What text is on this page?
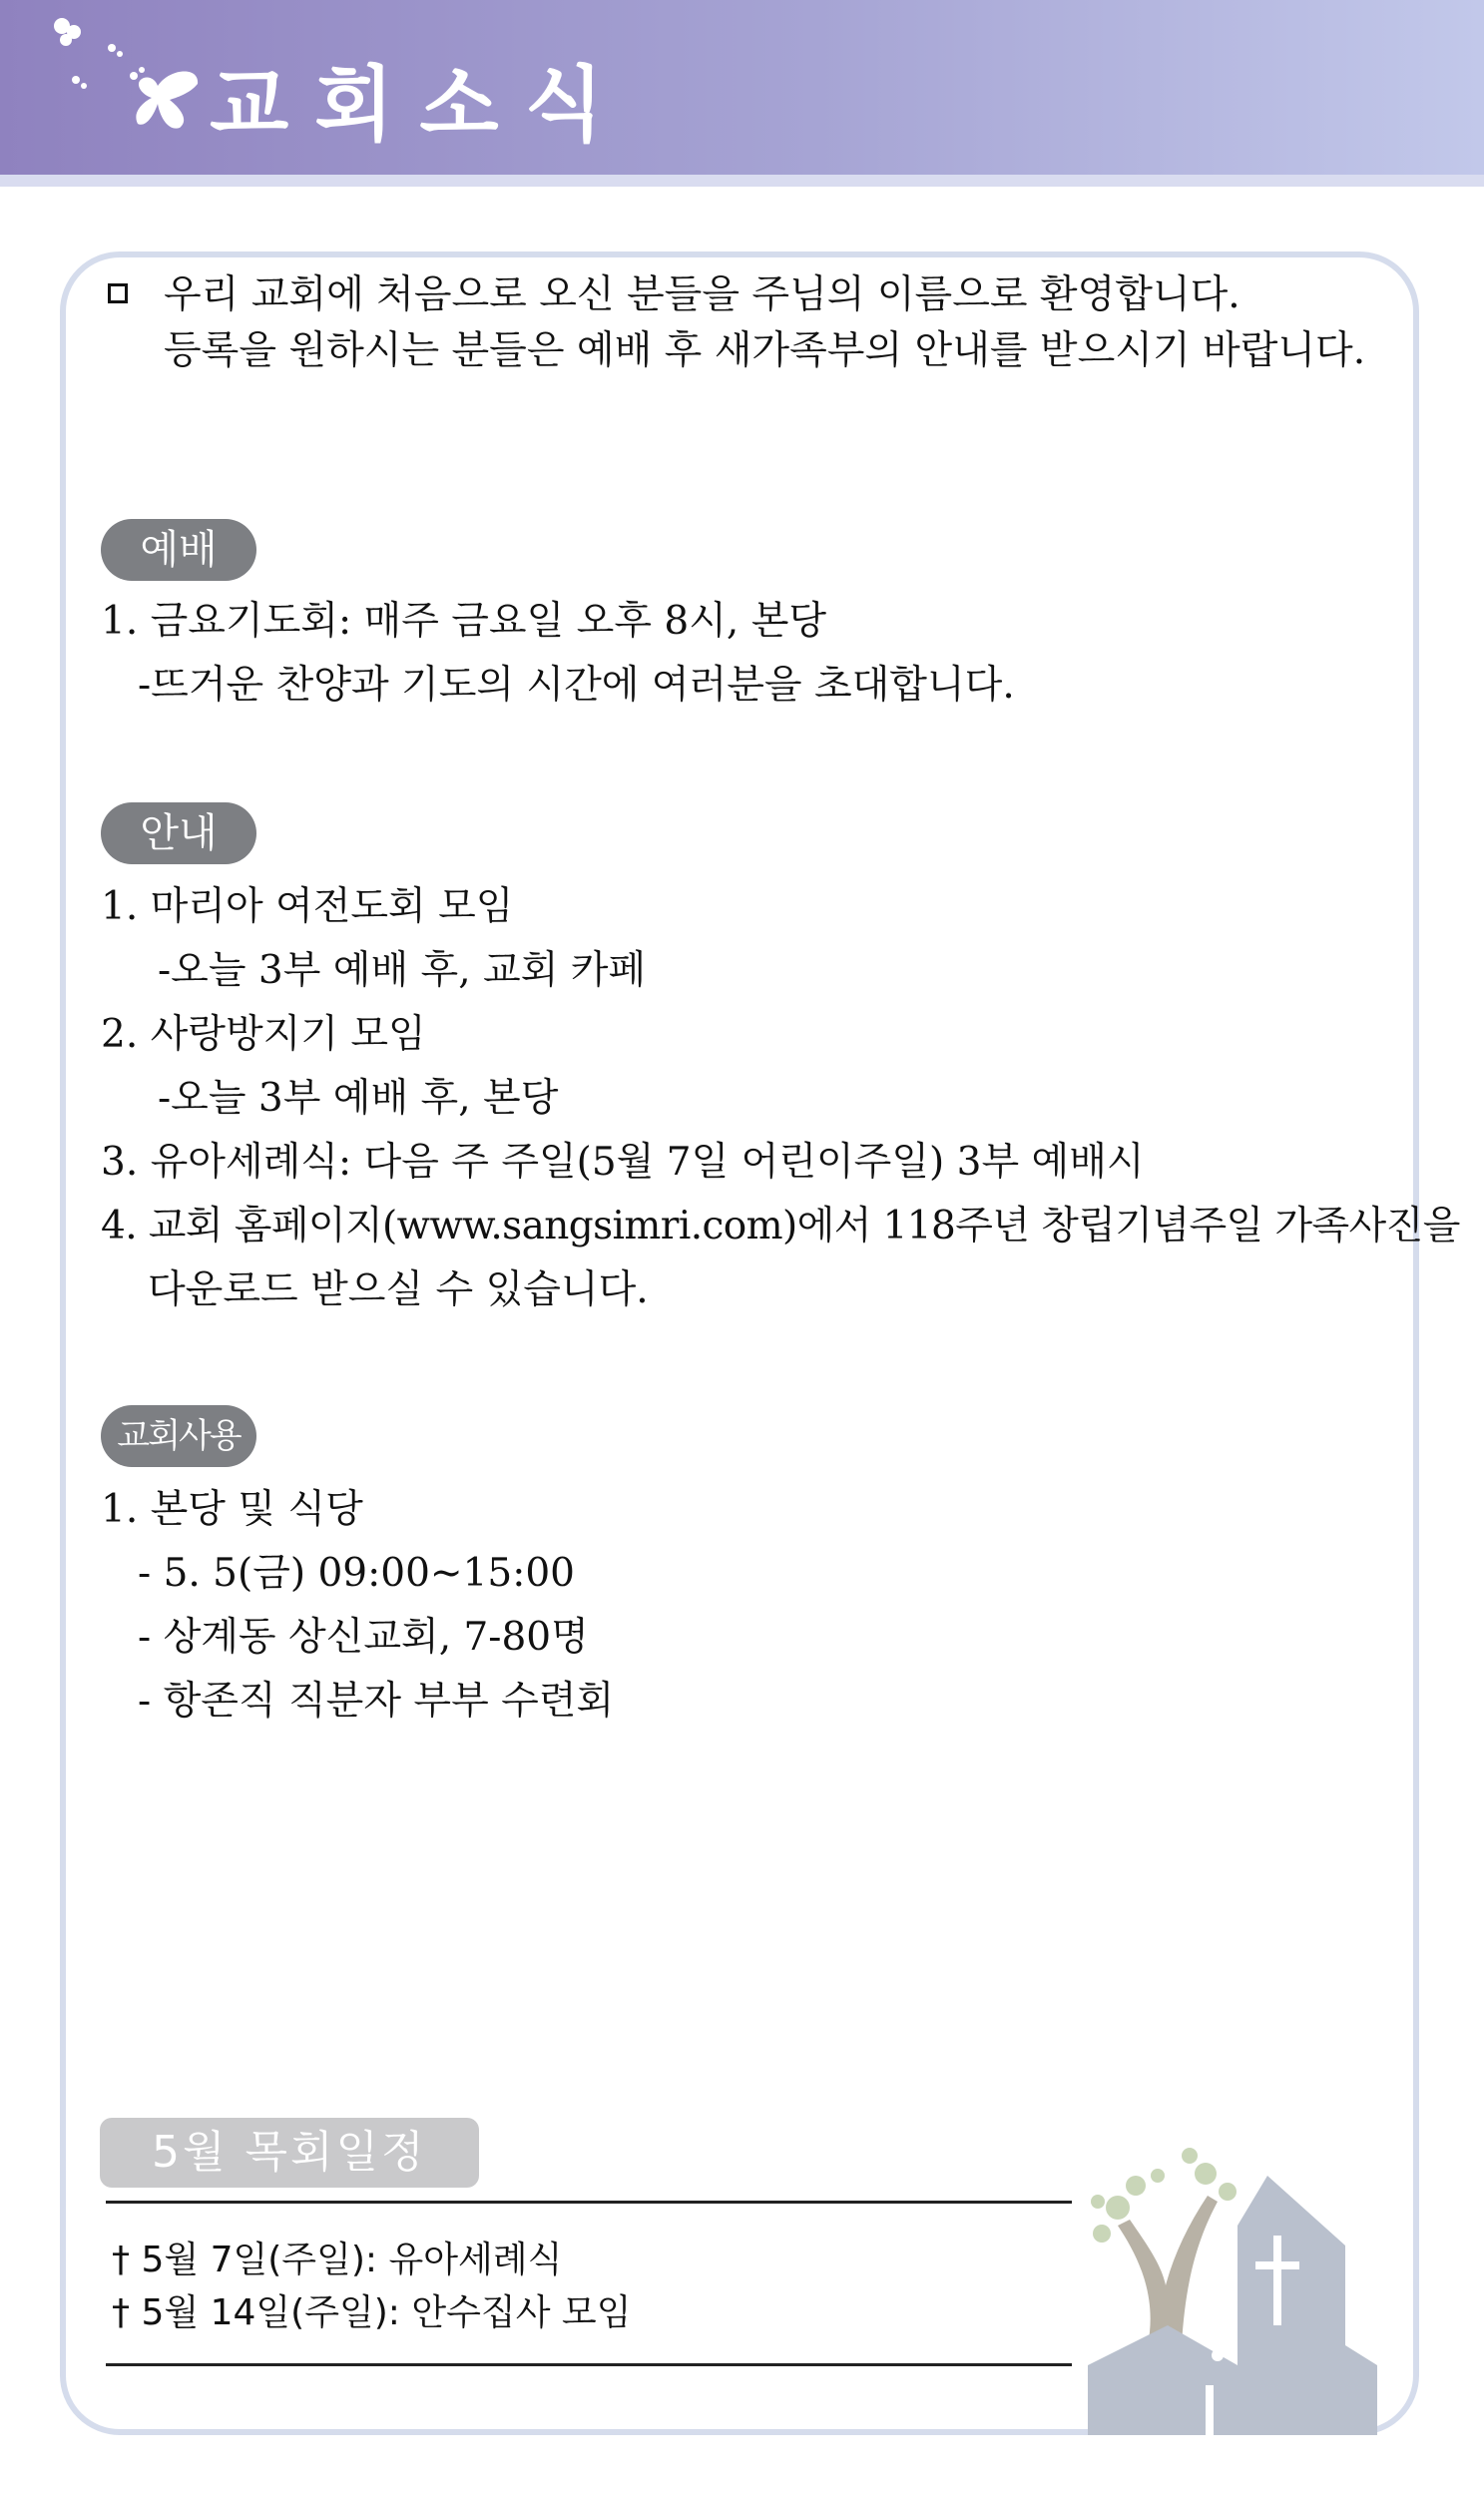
교회소식
우리 교회에 처음으로 오신 분들을 주님의 이름으로 환영합니다.
등록을 원하시는 분들은 예배 후 새가족부의 안내를 받으시기 바랍니다.
예배
1. 금요기도회: 매주 금요일 오후 8시, 본당
-뜨거운 찬양과 기도의 시간에 여러분을 초대합니다.
안내
1. 마리아 여전도회 모임
-오늘 3부 예배 후, 교회 카페
2. 사랑방지기 모임
-오늘 3부 예배 후, 본당
3. 유아세례식: 다음 주 주일(5월 7일 어린이주일) 3부 예배시
4. 교회 홈페이지(www.sangsimri.com)에서 118주년 창립기념주일 가족사진을
다운로드 받으실 수 있습니다.
교회사용
1. 본당 및 식당
- 5. 5(금) 09:00~15:00
- 상계동 상신교회, 7-80명
- 항존직 직분자 부부 수련회
5월 목회일정
† 5월 7일(주일): 유아세례식
† 5월 14일(주일): 안수집사 모임
